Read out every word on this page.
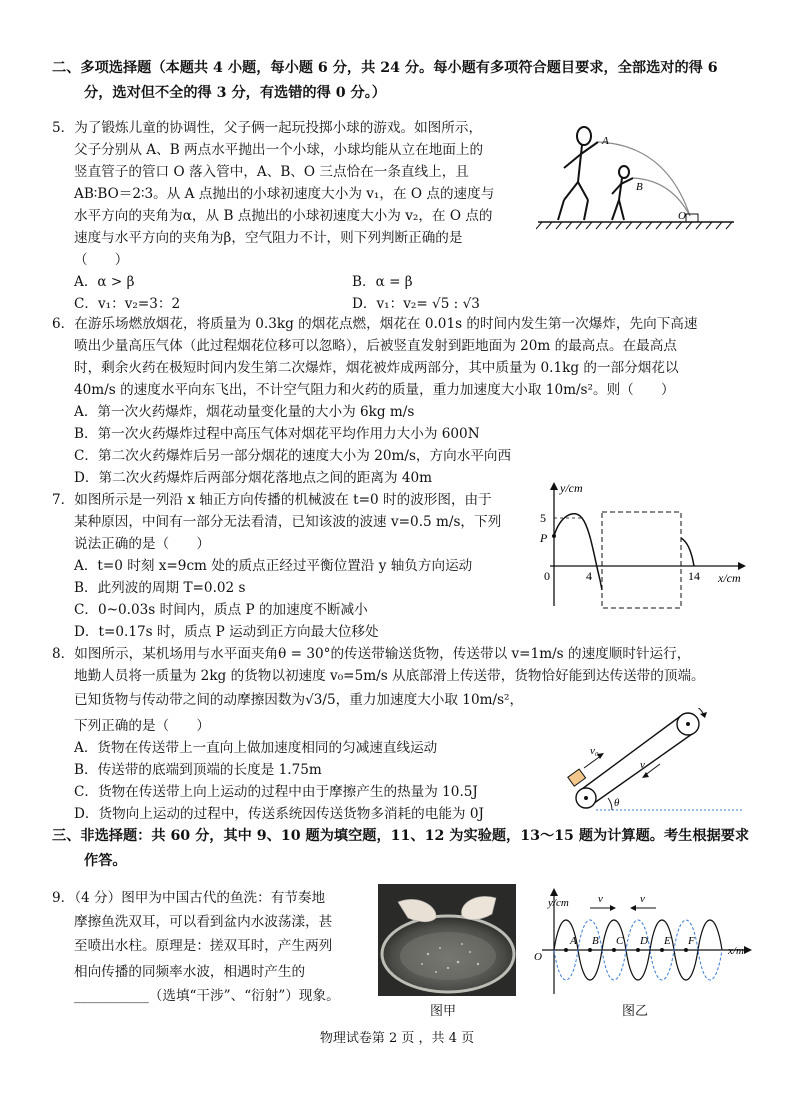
二、多项选择题（本题共 4 小题，每小题 6 分，共 24 分。每小题有多项符合题目要求，全部选对的得 6
分，选对但不全的得 3 分，有选错的得 0 分。）
5．为了锻炼儿童的协调性，父子俩一起玩投掷小球的游戏。如图所示，
父子分别从 A、B 两点水平抛出一个小球，小球均能从立在地面上的
竖直管子的管口 O 落入管中，A、B、O 三点恰在一条直线上，且
AB∶BO＝2∶3。从 A 点抛出的小球初速度大小为 v₁，在 O 点的速度与
水平方向的夹角为α，从 B 点抛出的小球初速度大小为 v₂，在 O 点的
速度与水平方向的夹角为β，空气阻力不计，则下列判断正确的是
（　　）
A．α > β	B．α = β
C．v₁：v₂=3：2	D．v₁：v₂= √5 : √3
A
B
O
6．在游乐场燃放烟花，将质量为 0.3kg 的烟花点燃，烟花在 0.01s 的时间内发生第一次爆炸，先向下高速
喷出少量高压气体（此过程烟花位移可以忽略），后被竖直发射到距地面为 20m 的最高点。在最高点
时，剩余火药在极短时间内发生第二次爆炸，烟花被炸成两部分，其中质量为 0.1kg 的一部分烟花以
40m/s 的速度水平向东飞出，不计空气阻力和火药的质量，重力加速度大小取 10m/s²。则（　　）
A．第一次火药爆炸，烟花动量变化量的大小为 6kg m/s
B．第一次火药爆炸过程中高压气体对烟花平均作用力大小为 600N
C．第二次火药爆炸后另一部分烟花的速度大小为 20m/s，方向水平向西
D．第二次火药爆炸后两部分烟花落地点之间的距离为 40m
7．如图所示是一列沿 x 轴正方向传播的机械波在 t=0 时的波形图，由于
某种原因，中间有一部分无法看清，已知该波的波速 v=0.5 m/s，下列
说法正确的是（　　）
A．t=0 时刻 x=9cm 处的质点正经过平衡位置沿 y 轴负方向运动
B．此列波的周期 T=0.02 s
C．0~0.03s 时间内，质点 P 的加速度不断减小
D．t=0.17s 时，质点 P 运动到正方向最大位移处
y/cm
x/cm
5
P
0	4	14
8．如图所示，某机场用与水平面夹角θ = 30°的传送带输送货物，传送带以 v=1m/s 的速度顺时针运行，
地勤人员将一质量为 2kg 的货物以初速度 v₀=5m/s 从底部滑上传送带，货物恰好能到达传送带的顶端。
已知货物与传动带之间的动摩擦因数为√3/5，重力加速度大小取 10m/s²，
下列正确的是（　　）
A．货物在传送带上一直向上做加速度相同的匀减速直线运动
B．传送带的底端到顶端的长度是 1.75m
C．货物在传送带上向上运动的过程中由于摩擦产生的热量为 10.5J
D．货物向上运动的过程中，传送系统因传送货物多消耗的电能为 0J
v₀
v
θ
三、非选择题：共 60 分，其中 9、10 题为填空题，11、12 为实验题，13～15 题为计算题。考生根据要求
作答。
9．（4 分）图甲为中国古代的鱼洗：有节奏地
摩擦鱼洗双耳，可以看到盆内水波荡漾，甚
至喷出水柱。原理是：搓双耳时，产生两列
相向传播的同频率水波，相遇时产生的
___________（选填“干涉”、“衍射”）现象。
图甲
y/cm
x/m
O
A B C D E F
v	v
图乙
物理试卷第 2 页 ，共 4 页
